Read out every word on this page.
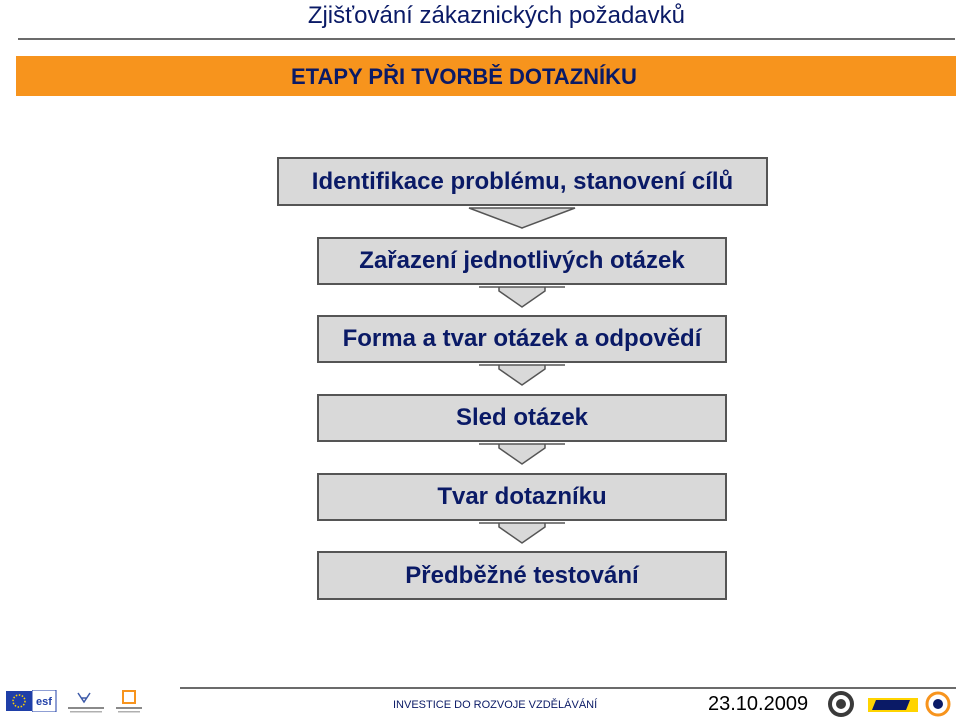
Zjišťování zákaznických požadavků
ETAPY PŘI TVORBĚ DOTAZNÍKU
Identifikace problému, stanovení cílů
Zařazení jednotlivých otázek
Forma a tvar otázek a odpovědí
Sled otázek
Tvar dotazníku
Předběžné testování
esf	INVESTICE DO ROZVOJE VZDĚLÁVÁNÍ	23.10.2009
